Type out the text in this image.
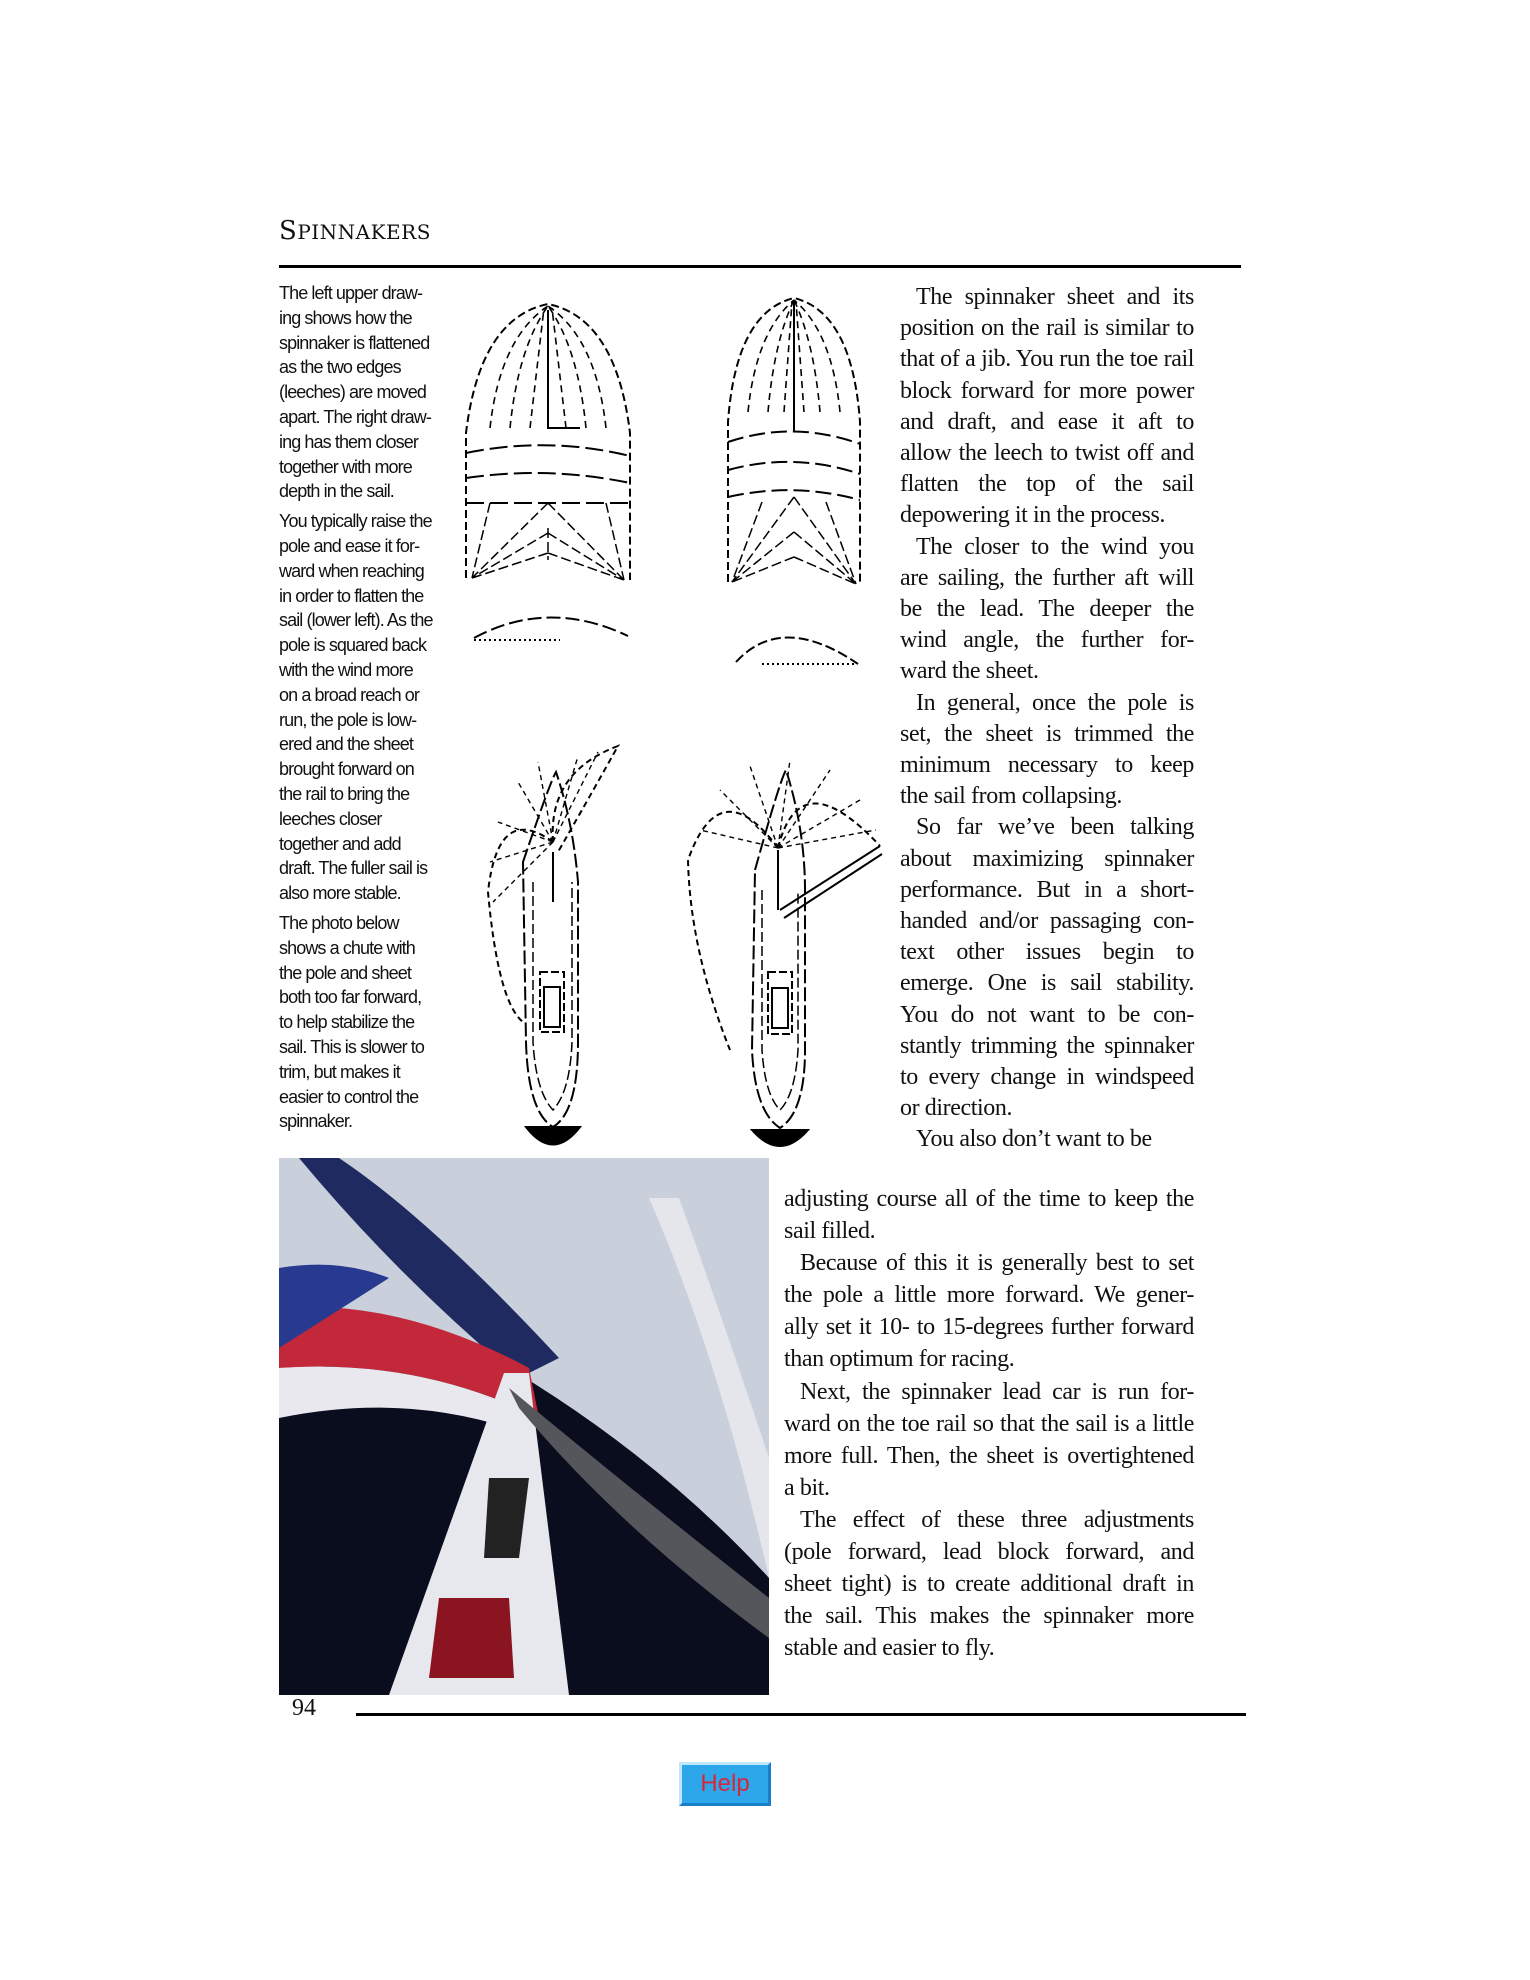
SPINNAKERS
The left upper draw-
ing shows how the
spinnaker is flattened
as the two edges
(leeches) are moved
apart. The right draw-
ing has them closer
together with more
depth in the sail.
You typically raise the
pole and ease it for-
ward when reaching
in order to flatten the
sail (lower left). As the
pole is squared back
with the wind more
on a broad reach or
run, the pole is low-
ered and the sheet
brought forward on
the rail to bring the
leeches closer
together and add
draft. The fuller sail is
also more stable.
The photo below
shows a chute with
the pole and sheet
both too far forward,
to help stabilize the
sail. This is slower to
trim, but makes it
easier to control the
spinnaker.
The spinnaker sheet and its
position on the rail is similar to
that of a jib. You run the toe rail
block forward for more power
and draft, and ease it aft to
allow the leech to twist off and
flatten the top of the sail
depowering it in the process.
The closer to the wind you
are sailing, the further aft will
be the lead. The deeper the
wind angle, the further for-
ward the sheet.
In general, once the pole is
set, the sheet is trimmed the
minimum necessary to keep
the sail from collapsing.
So far we’ve been talking
about maximizing spinnaker
performance. But in a short-
handed and/or passaging con-
text other issues begin to
emerge. One is sail stability.
You do not want to be con-
stantly trimming the spinnaker
to every change in windspeed
or direction.
You also don’t want to be
adjusting course all of the time to keep the
sail filled.
Because of this it is generally best to set
the pole a little more forward. We gener-
ally set it 10- to 15-degrees further forward
than optimum for racing.
Next, the spinnaker lead car is run for-
ward on the toe rail so that the sail is a little
more full. Then, the sheet is overtightened
a bit.
The effect of these three adjustments
(pole forward, lead block forward, and
sheet tight) is to create additional draft in
the sail. This makes the spinnaker more
stable and easier to fly.
94
Help
